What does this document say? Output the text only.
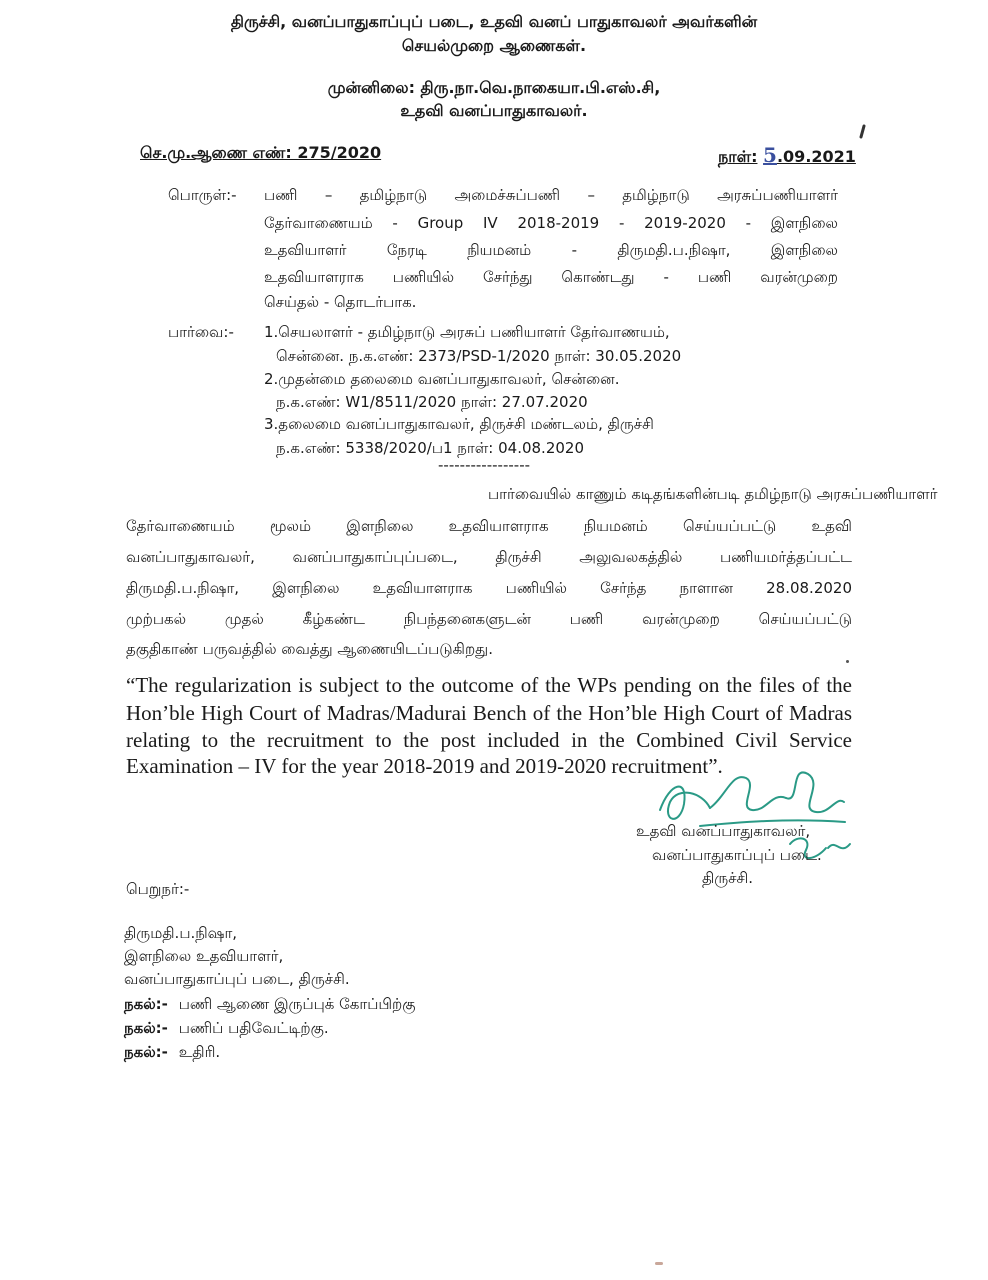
திருச்சி, வனப்பாதுகாப்புப் படை, உதவி வனப் பாதுகாவலர் அவர்களின்
செயல்முறை ஆணைகள்.
முன்னிலை: திரு.நா.வெ.நாகையா.பி.எஸ்.சி,
உதவி வனப்பாதுகாவலர்.
செ.மு.ஆணை எண்: 275/2020	நாள்: 5.09.2021
பொருள்:- பணி – தமிழ்நாடு அமைச்சுப்பணி – தமிழ்நாடு அரசுப்பணியாளர்
தேர்வாணையம் - Group IV 2018-2019 - 2019-2020 - இளநிலை
உதவியாளர் நேரடி நியமனம் - திருமதி.ப.நிஷா, இளநிலை
உதவியாளராக பணியில் சேர்ந்து கொண்டது - பணி வரன்முறை
செய்தல் - தொடர்பாக.
பார்வை:- 1.செயலாளர் - தமிழ்நாடு அரசுப் பணியாளர் தேர்வாணயம்,
சென்னை. ந.க.எண்: 2373/PSD-1/2020 நாள்: 30.05.2020
2.முதன்மை தலைமை வனப்பாதுகாவலர், சென்னை.
ந.க.எண்: W1/8511/2020 நாள்: 27.07.2020
3.தலைமை வனப்பாதுகாவலர், திருச்சி மண்டலம், திருச்சி
ந.க.எண்: 5338/2020/ப1 நாள்: 04.08.2020
-----------------
பார்வையில் காணும் கடிதங்களின்படி தமிழ்நாடு அரசுப்பணியாளர்
தேர்வாணையம் மூலம் இளநிலை உதவியாளராக நியமனம் செய்யப்பட்டு உதவி
வனப்பாதுகாவலர், வனப்பாதுகாப்புப்படை, திருச்சி அலுவலகத்தில் பணியமர்த்தப்பட்ட
திருமதி.ப.நிஷா, இளநிலை உதவியாளராக பணியில் சேர்ந்த நாளான 28.08.2020
முற்பகல் முதல் கீழ்கண்ட நிபந்தனைகளுடன் பணி வரன்முறை செய்யப்பட்டு
தகுதிகாண் பருவத்தில் வைத்து ஆணையிடப்படுகிறது.
“The regularization is subject to the outcome of the WPs pending on the files of the
Hon’ble High Court of Madras/Madurai Bench of the Hon’ble High Court of Madras
relating to the recruitment to the post included in the Combined Civil Service
Examination – IV for the year 2018-2019 and 2019-2020 recruitment”.
உதவி வனப்பாதுகாவலர்,
வனப்பாதுகாப்புப் படை.
திருச்சி.
பெறுநர்:-
திருமதி.ப.நிஷா,
இளநிலை உதவியாளர்,
வனப்பாதுகாப்புப் படை, திருச்சி.
நகல்:- பணி ஆணை இருப்புக் கோப்பிற்கு
நகல்:- பணிப் பதிவேட்டிற்கு.
நகல்:- உதிரி.
